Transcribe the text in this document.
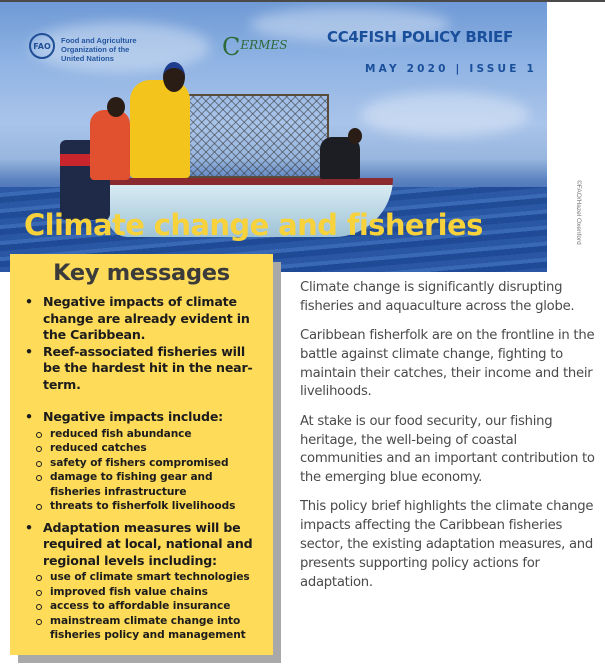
FAO
Food and Agriculture
Organization of the
United Nations	CERMES	CC4FISH POLICY BRIEF
MAY 2020 | ISSUE 1
Climate change and fisheries	©FAO/Hazel Oxenford
Key messages
• Negative impacts of climate change are already evident in the Caribbean.
• Reef-associated fisheries will be the hardest hit in the near-term.
• Negative impacts include:
reduced fish abundance
reduced catches
safety of fishers compromised
damage to fishing gear and fisheries infrastructure
threats to fisherfolk livelihoods
• Adaptation measures will be required at local, national and regional levels including:
use of climate smart technologies
improved fish value chains
access to affordable insurance
mainstream climate change into fisheries policy and management

Climate change is significantly disrupting fisheries and aquaculture across the globe.

Caribbean fisherfolk are on the frontline in the battle against climate change, fighting to maintain their catches, their income and their livelihoods.

At stake is our food security, our fishing heritage, the well-being of coastal communities and an important contribution to the emerging blue economy.

This policy brief highlights the climate change impacts affecting the Caribbean fisheries sector, the existing adaptation measures, and presents supporting policy actions for adaptation.
